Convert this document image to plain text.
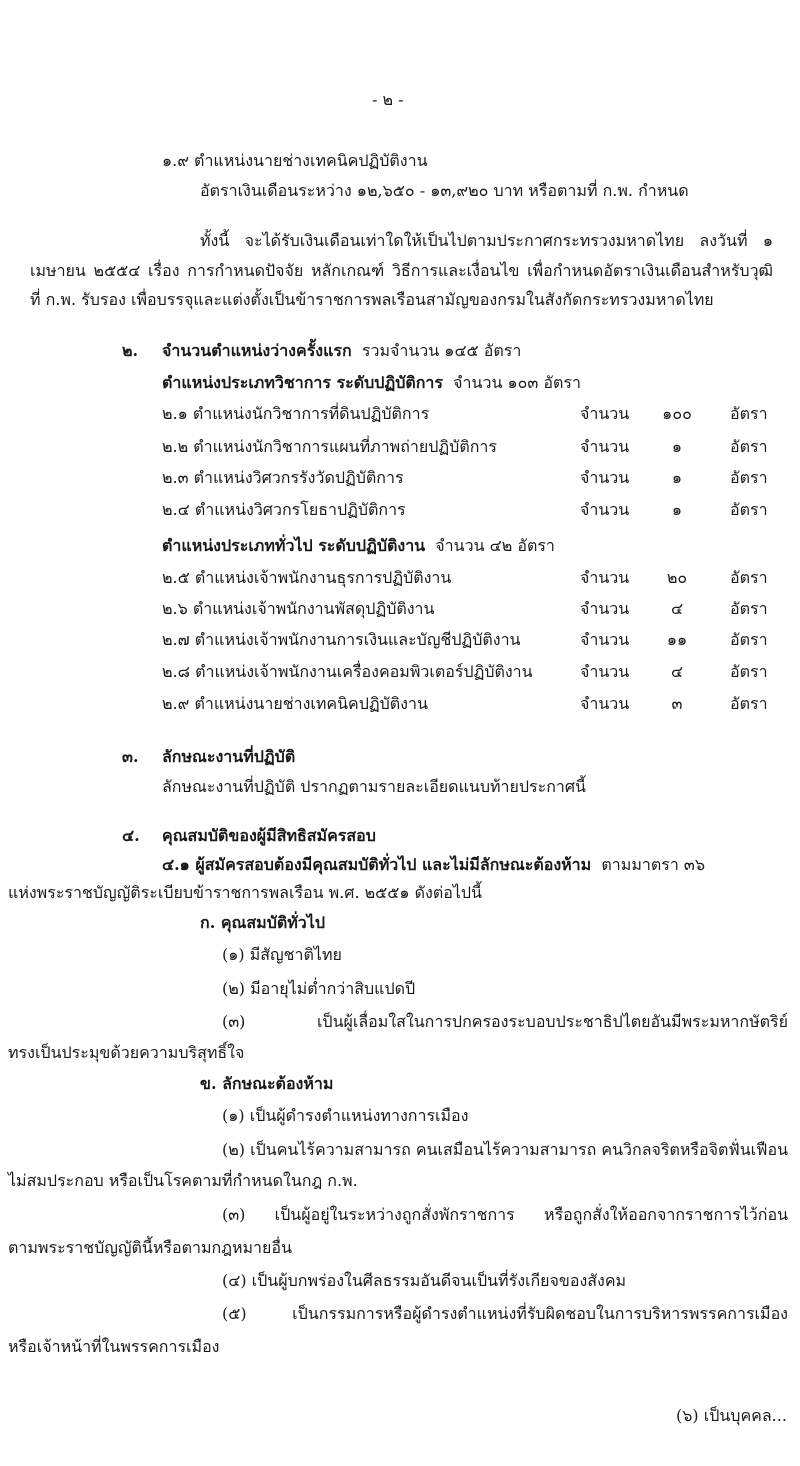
- ๒ -
๑.๙ ตำแหน่งนายช่างเทคนิคปฏิบัติงาน
อัตราเงินเดือนระหว่าง ๑๒,๖๕๐ - ๑๓,๙๒๐ บาท หรือตามที่ ก.พ. กำหนด
ทั้งนี้ จะได้รับเงินเดือนเท่าใดให้เป็นไปตามประกาศกระทรวงมหาดไทย ลงวันที่ ๑
เมษายน ๒๕๕๔ เรื่อง การกำหนดปัจจัย หลักเกณฑ์ วิธีการและเงื่อนไข เพื่อกำหนดอัตราเงินเดือนสำหรับวุฒิ
ที่ ก.พ. รับรอง เพื่อบรรจุและแต่งตั้งเป็นข้าราชการพลเรือนสามัญของกรมในสังกัดกระทรวงมหาดไทย
๒. จำนวนตำแหน่งว่างครั้งแรก รวมจำนวน ๑๔๕ อัตรา
ตำแหน่งประเภทวิชาการ ระดับปฏิบัติการ จำนวน ๑๐๓ อัตรา
๒.๑ ตำแหน่งนักวิชาการที่ดินปฏิบัติการ	จำนวน	๑๐๐	อัตรา
๒.๒ ตำแหน่งนักวิชาการแผนที่ภาพถ่ายปฏิบัติการ	จำนวน	๑	อัตรา
๒.๓ ตำแหน่งวิศวกรรังวัดปฏิบัติการ	จำนวน	๑	อัตรา
๒.๔ ตำแหน่งวิศวกรโยธาปฏิบัติการ	จำนวน	๑	อัตรา
ตำแหน่งประเภททั่วไป ระดับปฏิบัติงาน จำนวน ๔๒ อัตรา
๒.๕ ตำแหน่งเจ้าพนักงานธุรการปฏิบัติงาน	จำนวน	๒๐	อัตรา
๒.๖ ตำแหน่งเจ้าพนักงานพัสดุปฏิบัติงาน	จำนวน	๔	อัตรา
๒.๗ ตำแหน่งเจ้าพนักงานการเงินและบัญชีปฏิบัติงาน	จำนวน	๑๑	อัตรา
๒.๘ ตำแหน่งเจ้าพนักงานเครื่องคอมพิวเตอร์ปฏิบัติงาน	จำนวน	๔	อัตรา
๒.๙ ตำแหน่งนายช่างเทคนิคปฏิบัติงาน	จำนวน	๓	อัตรา
๓. ลักษณะงานที่ปฏิบัติ
ลักษณะงานที่ปฏิบัติ ปรากฏตามรายละเอียดแนบท้ายประกาศนี้
๔. คุณสมบัติของผู้มีสิทธิสมัครสอบ
๔.๑ ผู้สมัครสอบต้องมีคุณสมบัติทั่วไป และไม่มีลักษณะต้องห้าม ตามมาตรา ๓๖
แห่งพระราชบัญญัติระเบียบข้าราชการพลเรือน พ.ศ. ๒๕๕๑ ดังต่อไปนี้
ก. คุณสมบัติทั่วไป
(๑) มีสัญชาติไทย
(๒) มีอายุไม่ต่ำกว่าสิบแปดปี
(๓) เป็นผู้เลื่อมใสในการปกครองระบอบประชาธิปไตยอันมีพระมหากษัตริย์
ทรงเป็นประมุขด้วยความบริสุทธิ์ใจ
ข. ลักษณะต้องห้าม
(๑) เป็นผู้ดำรงตำแหน่งทางการเมือง
(๒) เป็นคนไร้ความสามารถ คนเสมือนไร้ความสามารถ คนวิกลจริตหรือจิตฟั่นเฟือน
ไม่สมประกอบ หรือเป็นโรคตามที่กำหนดในกฎ ก.พ.
(๓) เป็นผู้อยู่ในระหว่างถูกสั่งพักราชการ หรือถูกสั่งให้ออกจากราชการไว้ก่อน
ตามพระราชบัญญัตินี้หรือตามกฎหมายอื่น
(๔) เป็นผู้บกพร่องในศีลธรรมอันดีจนเป็นที่รังเกียจของสังคม
(๕) เป็นกรรมการหรือผู้ดำรงตำแหน่งที่รับผิดชอบในการบริหารพรรคการเมือง
หรือเจ้าหน้าที่ในพรรคการเมือง
(๖) เป็นบุคคล...
